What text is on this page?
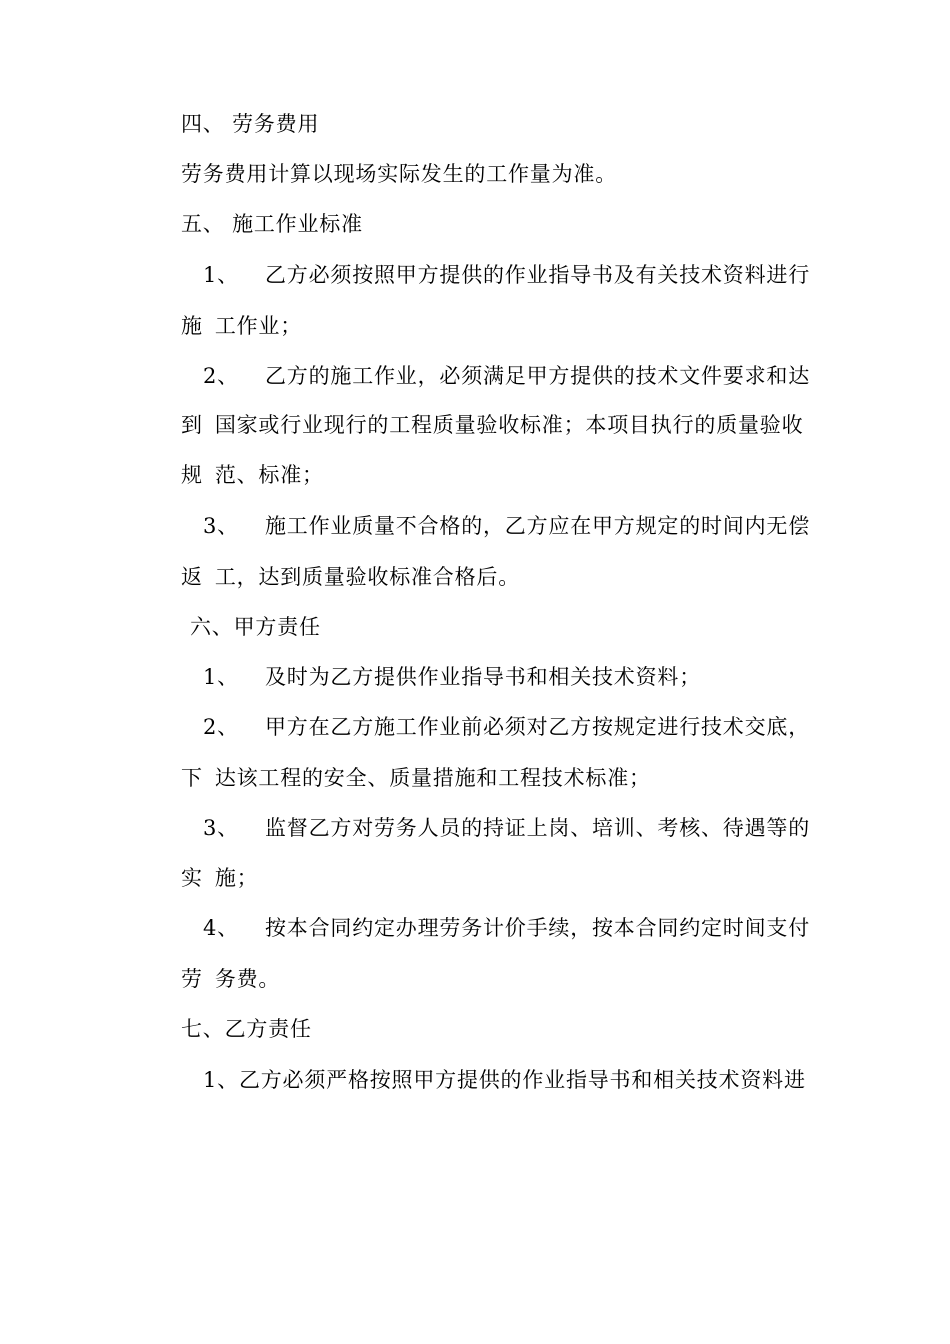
四、 劳务费用
劳务费用计算以现场实际发生的工作量为准。
五、 施工作业标准
1、 乙方必须按照甲方提供的作业指导书及有关技术资料进行
施 工作业；
2、 乙方的施工作业，必须满足甲方提供的技术文件要求和达
到 国家或行业现行的工程质量验收标准；本项目执行的质量验收
规 范、标准；
3、 施工作业质量不合格的，乙方应在甲方规定的时间内无偿
返 工，达到质量验收标准合格后。
六、甲方责任
1、 及时为乙方提供作业指导书和相关技术资料；
2、 甲方在乙方施工作业前必须对乙方按规定进行技术交底，
下 达该工程的安全、质量措施和工程技术标准；
3、 监督乙方对劳务人员的持证上岗、培训、考核、待遇等的
实 施；
4、 按本合同约定办理劳务计价手续，按本合同约定时间支付
劳 务费。
七、乙方责任
1、乙方必须严格按照甲方提供的作业指导书和相关技术资料进
